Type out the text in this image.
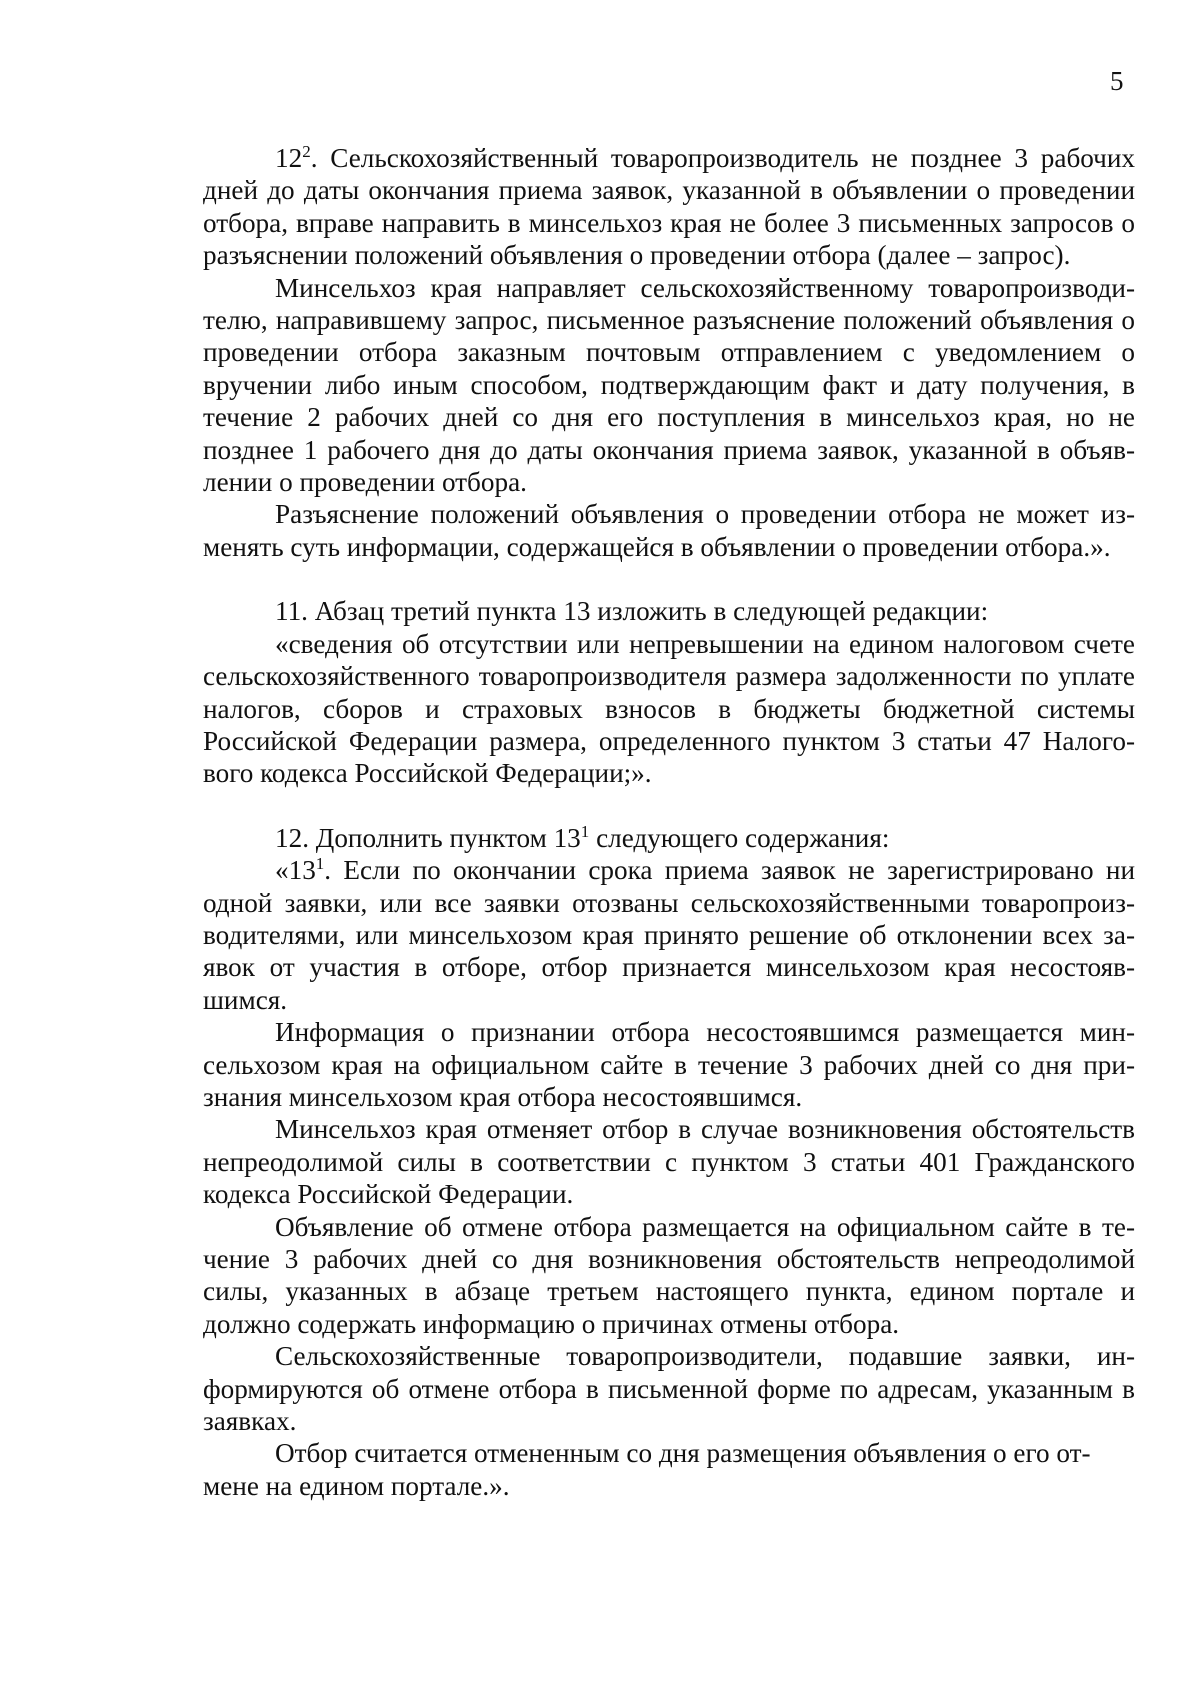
5

$12^2$. Сельскохозяйственный товаропроизводитель не позднее 3 рабочих дней до даты окончания приема заявок, указанной в объявлении о проведении отбора, вправе направить в минсельхоз края не более 3 письменных запросов о разъяснении положений объявления о проведении отбора (далее – запрос).

Минсельхоз края направляет сельскохозяйственному товаропроизводителю, направившему запрос, письменное разъяснение положений объявления о проведении отбора заказным почтовым отправлением с уведомлением о вручении либо иным способом, подтверждающим факт и дату получения, в течение 2 рабочих дней со дня его поступления в минсельхоз края, но не позднее 1 рабочего дня до даты окончания приема заявок, указанной в объявлении о проведении отбора.

Разъяснение положений объявления о проведении отбора не может изменять суть информации, содержащейся в объявлении о проведении отбора.».

11. Абзац третий пункта 13 изложить в следующей редакции:

«сведения об отсутствии или непревышении на едином налоговом счете сельскохозяйственного товаропроизводителя размера задолженности по уплате налогов, сборов и страховых взносов в бюджеты бюджетной системы Российской Федерации размера, определенного пунктом 3 статьи 47 Налогового кодекса Российской Федерации;».

12. Дополнить пунктом $13^1$ следующего содержания:

«$13^1$. Если по окончании срока приема заявок не зарегистрировано ни одной заявки, или все заявки отозваны сельскохозяйственными товаропроизводителями, или минсельхозом края принято решение об отклонении всех заявок от участия в отборе, отбор признается минсельхозом края несостоявшимся.

Информация о признании отбора несостоявшимся размещается минсельхозом края на официальном сайте в течение 3 рабочих дней со дня признания минсельхозом края отбора несостоявшимся.

Минсельхоз края отменяет отбор в случае возникновения обстоятельств непреодолимой силы в соответствии с пунктом 3 статьи 401 Гражданского кодекса Российской Федерации.

Объявление об отмене отбора размещается на официальном сайте в течение 3 рабочих дней со дня возникновения обстоятельств непреодолимой силы, указанных в абзаце третьем настоящего пункта, едином портале и должно содержать информацию о причинах отмены отбора.

Сельскохозяйственные товаропроизводители, подавшие заявки, информируются об отмене отбора в письменной форме по адресам, указанным в заявках.

Отбор считается отмененным со дня размещения объявления о его отмене на едином портале.».
